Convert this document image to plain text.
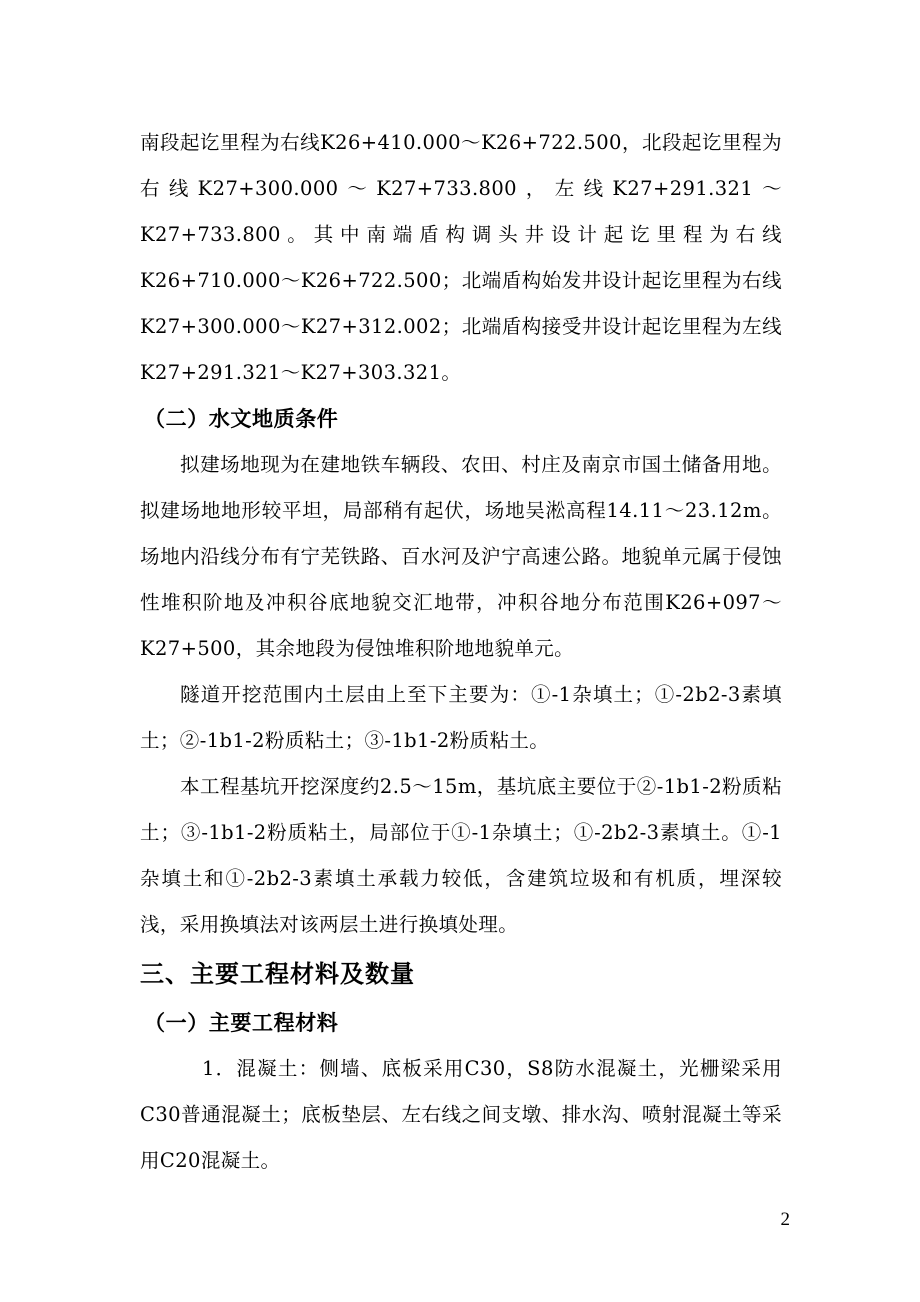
南段起讫里程为右线K26+410.000～K26+722.500，北段起讫里程为右线K27+300.000～K27+733.800，左线K27+291.321～K27+733.800。其中南端盾构调头井设计起讫里程为右线K26+710.000～K26+722.500；北端盾构始发井设计起讫里程为右线K27+300.000～K27+312.002；北端盾构接受井设计起讫里程为左线K27+291.321～K27+303.321。

（二）水文地质条件

拟建场地现为在建地铁车辆段、农田、村庄及南京市国土储备用地。拟建场地地形较平坦，局部稍有起伏，场地吴淞高程14.11～23.12m。场地内沿线分布有宁芜铁路、百水河及沪宁高速公路。地貌单元属于侵蚀性堆积阶地及冲积谷底地貌交汇地带，冲积谷地分布范围K26+097～K27+500，其余地段为侵蚀堆积阶地地貌单元。

隧道开挖范围内土层由上至下主要为：①-1杂填土；①-2b2-3素填土；②-1b1-2粉质粘土；③-1b1-2粉质粘土。

本工程基坑开挖深度约2.5～15m，基坑底主要位于②-1b1-2粉质粘土；③-1b1-2粉质粘土，局部位于①-1杂填土；①-2b2-3素填土。①-1杂填土和①-2b2-3素填土承载力较低，含建筑垃圾和有机质，埋深较浅，采用换填法对该两层土进行换填处理。

三、主要工程材料及数量
（一）主要工程材料

1．混凝土：侧墙、底板采用C30，S8防水混凝土，光栅梁采用C30普通混凝土；底板垫层、左右线之间支墩、排水沟、喷射混凝土等采用C20混凝土。

2
